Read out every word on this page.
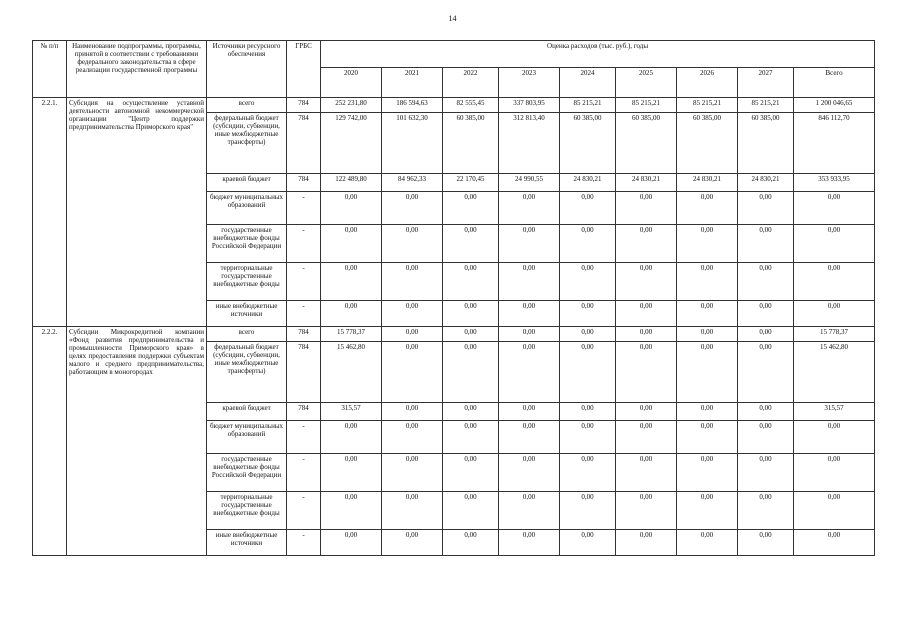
14
№ п/п	Наименование подпрограммы, программы, принятой в соответствии с требованиями федерального законодательства в сфере реализации государственной программы	Источники ресурсного обеспечения	ГРБС	Оценка расходов (тыс. руб.), годы								
				2020	2021	2022	2023	2024	2025	2026	2027	Всего
2.2.1.	Субсидия на осуществление уставной деятельности автономной некоммерческой организации "Центр поддержки предпринимательства Приморского края"	всего	784	252 231,80	186 594,63	82 555,45	337 803,95	85 215,21	85 215,21	85 215,21	85 215,21	1 200 046,65
		федеральный бюджет (субсидии, субвенции, иные межбюджетные трансферты)	784	129 742,00	101 632,30	60 385,00	312 813,40	60 385,00	60 385,00	60 385,00	60 385,00	846 112,70
		краевой бюджет	784	122 489,80	84 962,33	22 170,45	24 990,55	24 830,21	24 830,21	24 830,21	24 830,21	353 933,95
		бюджет муниципальных образований	-	0,00	0,00	0,00	0,00	0,00	0,00	0,00	0,00	0,00
		государственные внебюджетные фонды Российской Федерации	-	0,00	0,00	0,00	0,00	0,00	0,00	0,00	0,00	0,00
		территориальные государственные внебюджетные фонды	-	0,00	0,00	0,00	0,00	0,00	0,00	0,00	0,00	0,00
		иные внебюджетные источники	-	0,00	0,00	0,00	0,00	0,00	0,00	0,00	0,00	0,00
2.2.2.	Субсидии Микрокредитной компании «Фонд развития предпринимательства и промышленности Приморского края» в целях предоставления поддержки субъектам малого и среднего предпринимательства, работающим в моногородах	всего	784	15 778,37	0,00	0,00	0,00	0,00	0,00	0,00	0,00	15 778,37
		федеральный бюджет (субсидии, субвенции, иные межбюджетные трансферты)	784	15 462,80	0,00	0,00	0,00	0,00	0,00	0,00	0,00	15 462,80
		краевой бюджет	784	315,57	0,00	0,00	0,00	0,00	0,00	0,00	0,00	315,57
		бюджет муниципальных образований	-	0,00	0,00	0,00	0,00	0,00	0,00	0,00	0,00	0,00
		государственные внебюджетные фонды Российской Федерации	-	0,00	0,00	0,00	0,00	0,00	0,00	0,00	0,00	0,00
		территориальные государственные внебюджетные фонды	-	0,00	0,00	0,00	0,00	0,00	0,00	0,00	0,00	0,00
		иные внебюджетные источники	-	0,00	0,00	0,00	0,00	0,00	0,00	0,00	0,00	0,00
